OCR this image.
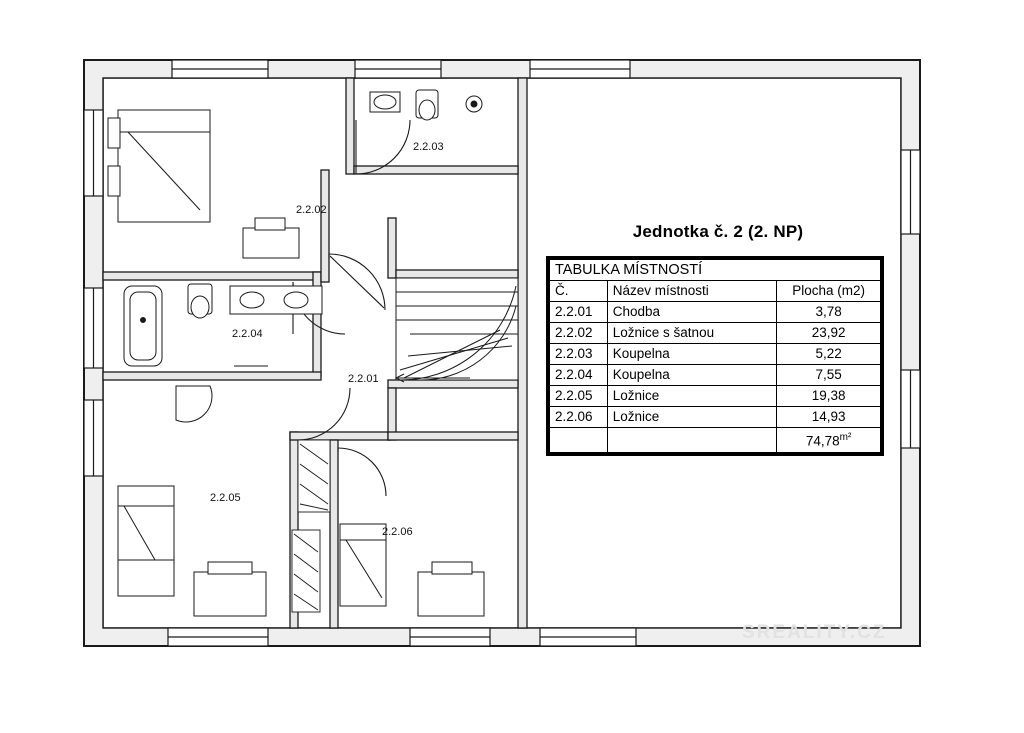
2.2.03
2.2.02
2.2.04
2.2.01
2.2.05
2.2.06
Jednotka č. 2 (2. NP)
TABULKA MÍSTNOSTÍ		
Č.	Název místnosti	Plocha (m2)
2.2.01	Chodba	3,78
2.2.02	Ložnice s šatnou	23,92
2.2.03	Koupelna	5,22
2.2.04	Koupelna	7,55
2.2.05	Ložnice	19,38
2.2.06	Ložnice	14,93
		$74,78^{m^2}$
SREALITY.CZ
